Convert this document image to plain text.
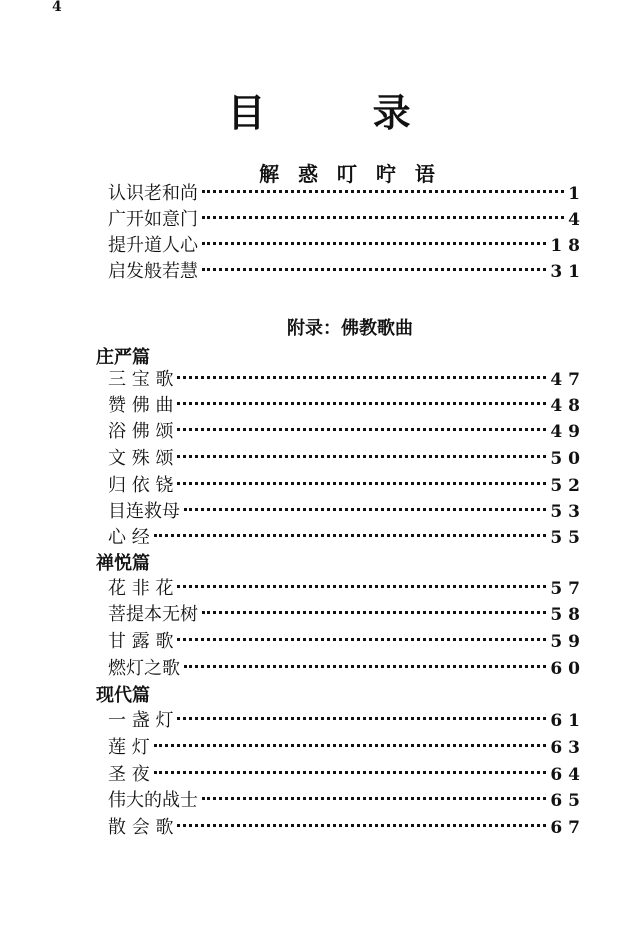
4
目	录
解 惑 叮 咛 语
认识老和尚	1
广开如意门	4
提升道人心	18
启发般若慧	31
附录：佛教歌曲
庄严篇
三 宝 歌	47
赞 佛 曲	48
浴 佛 颂	49
文 殊 颂	50
归 依 铙	52
目连救母	53
心 经	55
禅悦篇
花 非 花	57
菩提本无树	58
甘 露 歌	59
燃灯之歌	60
现代篇
一 盏 灯	61
莲 灯	63
圣 夜	64
伟大的战士	65
散 会 歌	67
